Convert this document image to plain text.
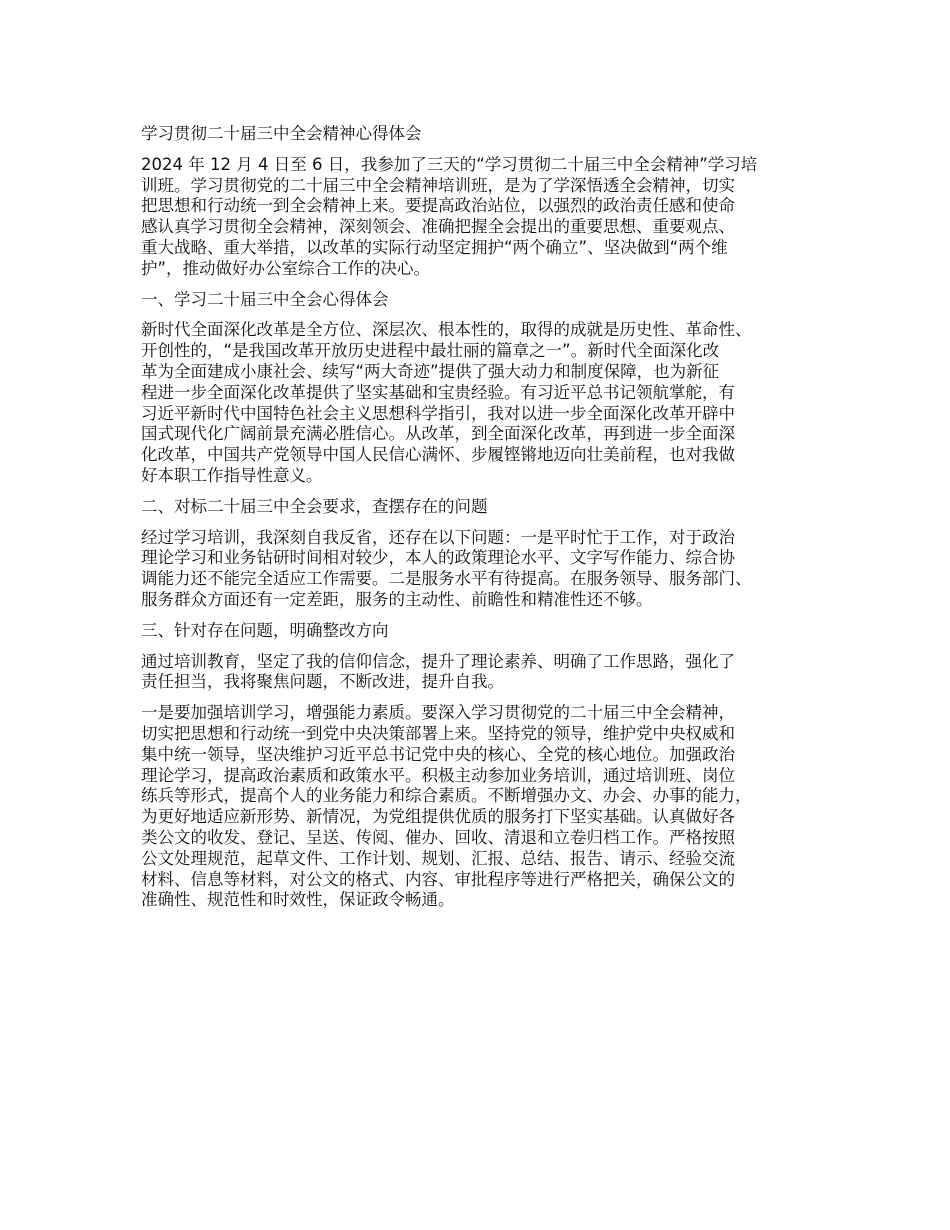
学习贯彻二十届三中全会精神心得体会

2024 年 12 月 4 日至 6 日，我参加了三天的“学习贯彻二十届三中全会精神”学习培
训班。学习贯彻党的二十届三中全会精神培训班，是为了学深悟透全会精神，切实
把思想和行动统一到全会精神上来。要提高政治站位，以强烈的政治责任感和使命
感认真学习贯彻全会精神，深刻领会、准确把握全会提出的重要思想、重要观点、
重大战略、重大举措，以改革的实际行动坚定拥护“两个确立”、坚决做到“两个维
护”，推动做好办公室综合工作的决心。

一、学习二十届三中全会心得体会

新时代全面深化改革是全方位、深层次、根本性的，取得的成就是历史性、革命性、
开创性的，“是我国改革开放历史进程中最壮丽的篇章之一”。新时代全面深化改
革为全面建成小康社会、续写“两大奇迹”提供了强大动力和制度保障，也为新征
程进一步全面深化改革提供了坚实基础和宝贵经验。有习近平总书记领航掌舵，有
习近平新时代中国特色社会主义思想科学指引，我对以进一步全面深化改革开辟中
国式现代化广阔前景充满必胜信心。从改革，到全面深化改革，再到进一步全面深
化改革，中国共产党领导中国人民信心满怀、步履铿锵地迈向壮美前程，也对我做
好本职工作指导性意义。

二、对标二十届三中全会要求，查摆存在的问题

经过学习培训，我深刻自我反省，还存在以下问题：一是平时忙于工作，对于政治
理论学习和业务钻研时间相对较少，本人的政策理论水平、文字写作能力、综合协
调能力还不能完全适应工作需要。二是服务水平有待提高。在服务领导、服务部门、
服务群众方面还有一定差距，服务的主动性、前瞻性和精准性还不够。

三、针对存在问题，明确整改方向

通过培训教育，坚定了我的信仰信念，提升了理论素养、明确了工作思路，强化了
责任担当，我将聚焦问题，不断改进，提升自我。

一是要加强培训学习，增强能力素质。要深入学习贯彻党的二十届三中全会精神，
切实把思想和行动统一到党中央决策部署上来。坚持党的领导，维护党中央权威和
集中统一领导，坚决维护习近平总书记党中央的核心、全党的核心地位。加强政治
理论学习，提高政治素质和政策水平。积极主动参加业务培训，通过培训班、岗位
练兵等形式，提高个人的业务能力和综合素质。不断增强办文、办会、办事的能力，
为更好地适应新形势、新情况，为党组提供优质的服务打下坚实基础。认真做好各
类公文的收发、登记、呈送、传阅、催办、回收、清退和立卷归档工作。严格按照
公文处理规范，起草文件、工作计划、规划、汇报、总结、报告、请示、经验交流
材料、信息等材料，对公文的格式、内容、审批程序等进行严格把关，确保公文的
准确性、规范性和时效性，保证政令畅通。
